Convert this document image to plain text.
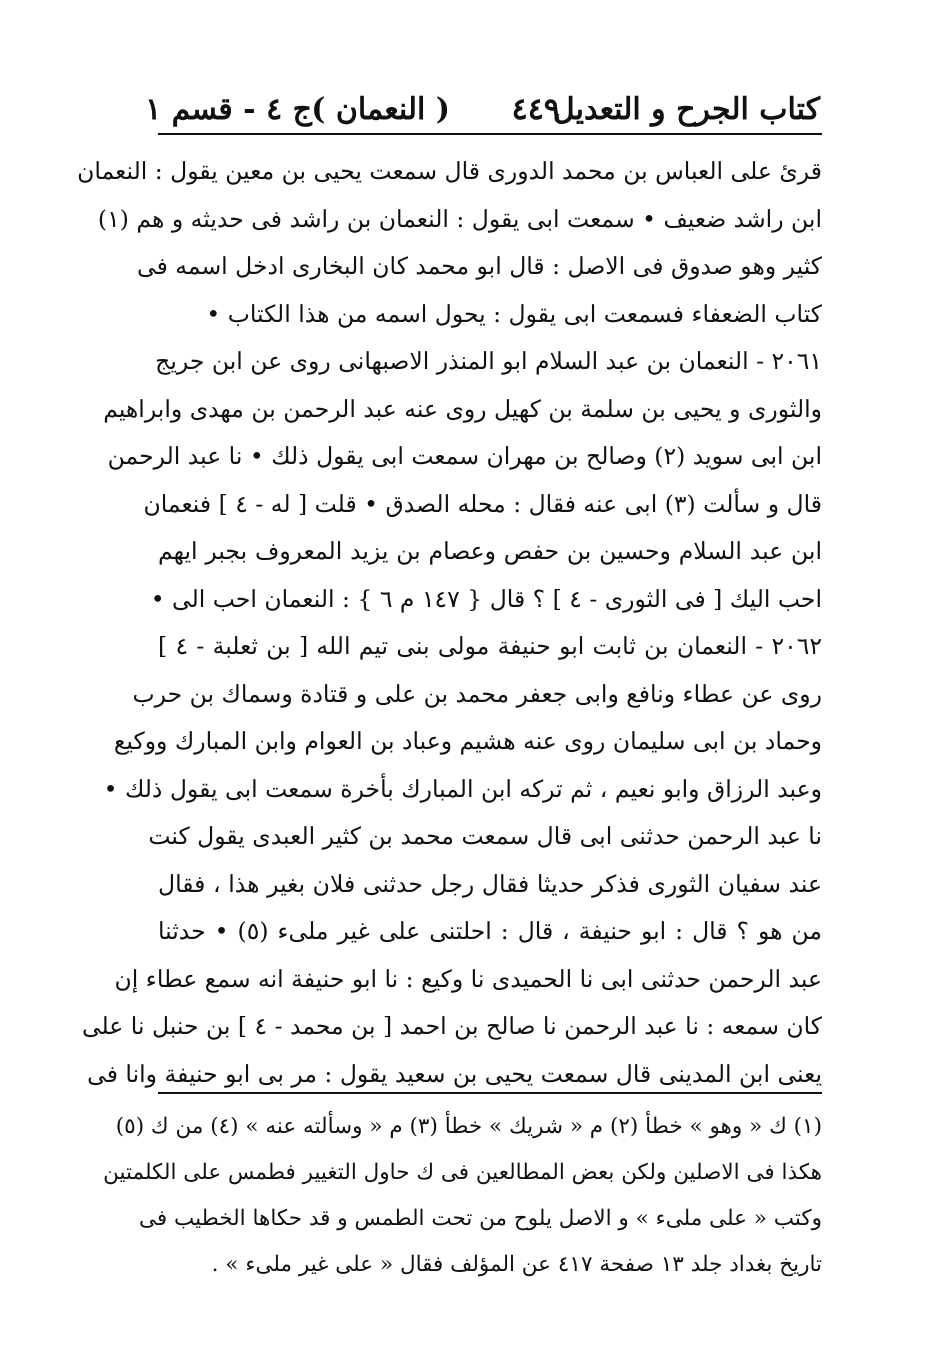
كتاب الجرح و التعديل
٤٤٩
( النعمان )
ج ٤ - قسم ١
قرئ على العباس بن محمد الدورى قال سمعت يحيى بن معين يقول : النعمان
ابن راشد ضعيف • سمعت ابى يقول : النعمان بن راشد فى حديثه و هم (١)
كثير وهو صدوق فى الاصل : قال ابو محمد كان البخارى ادخل اسمه فى
كتاب الضعفاء فسمعت ابى يقول : يحول اسمه من هذا الكتاب •
٢٠٦١ - النعمان بن عبد السلام ابو المنذر الاصبهانى روى عن ابن جريج
والثورى و يحيى بن سلمة بن كهيل روى عنه عبد الرحمن بن مهدى وابراهيم
ابن ابى سويد (٢) وصالح بن مهران سمعت ابى يقول ذلك • نا عبد الرحمن
قال و سألت (٣) ابى عنه فقال : محله الصدق • قلت [ له - ٤ ] فنعمان
ابن عبد السلام وحسين بن حفص وعصام بن يزيد المعروف بجبر ايهم
احب اليك [ فى الثورى - ٤ ] ؟ قال { ١٤٧ م ٦ } : النعمان احب الى •
٢٠٦٢ - النعمان بن ثابت ابو حنيفة مولى بنى تيم الله [ بن ثعلبة - ٤ ]
روى عن عطاء ونافع وابى جعفر محمد بن على و قتادة وسماك بن حرب
وحماد بن ابى سليمان روى عنه هشيم وعباد بن العوام وابن المبارك ووكيع
وعبد الرزاق وابو نعيم ، ثم تركه ابن المبارك بأخرة سمعت ابى يقول ذلك •
نا عبد الرحمن حدثنى ابى قال سمعت محمد بن كثير العبدى يقول كنت
عند سفيان الثورى فذكر حديثا فقال رجل حدثنى فلان بغير هذا ، فقال
من هو ؟ قال : ابو حنيفة ، قال : احلتنى على غير ملىء (٥) • حدثنا
عبد الرحمن حدثنى ابى نا الحميدى نا وكيع : نا ابو حنيفة انه سمع عطاء إن
كان سمعه : نا عبد الرحمن نا صالح بن احمد [ بن محمد - ٤ ] بن حنبل نا على
يعنى ابن المدينى قال سمعت يحيى بن سعيد يقول : مر بى ابو حنيفة وانا فى
(١) ك « وهو » خطأ (٢) م « شريك » خطأ (٣) م « وسألته عنه » (٤) من ك (٥)
هكذا فى الاصلين ولكن بعض المطالعين فى ك حاول التغيير فطمس على الكلمتين
وكتب « على ملىء » و الاصل يلوح من تحت الطمس و قد حكاها الخطيب فى
تاريخ بغداد جلد ١٣ صفحة ٤١٧ عن المؤلف فقال « على غير ملىء » .
